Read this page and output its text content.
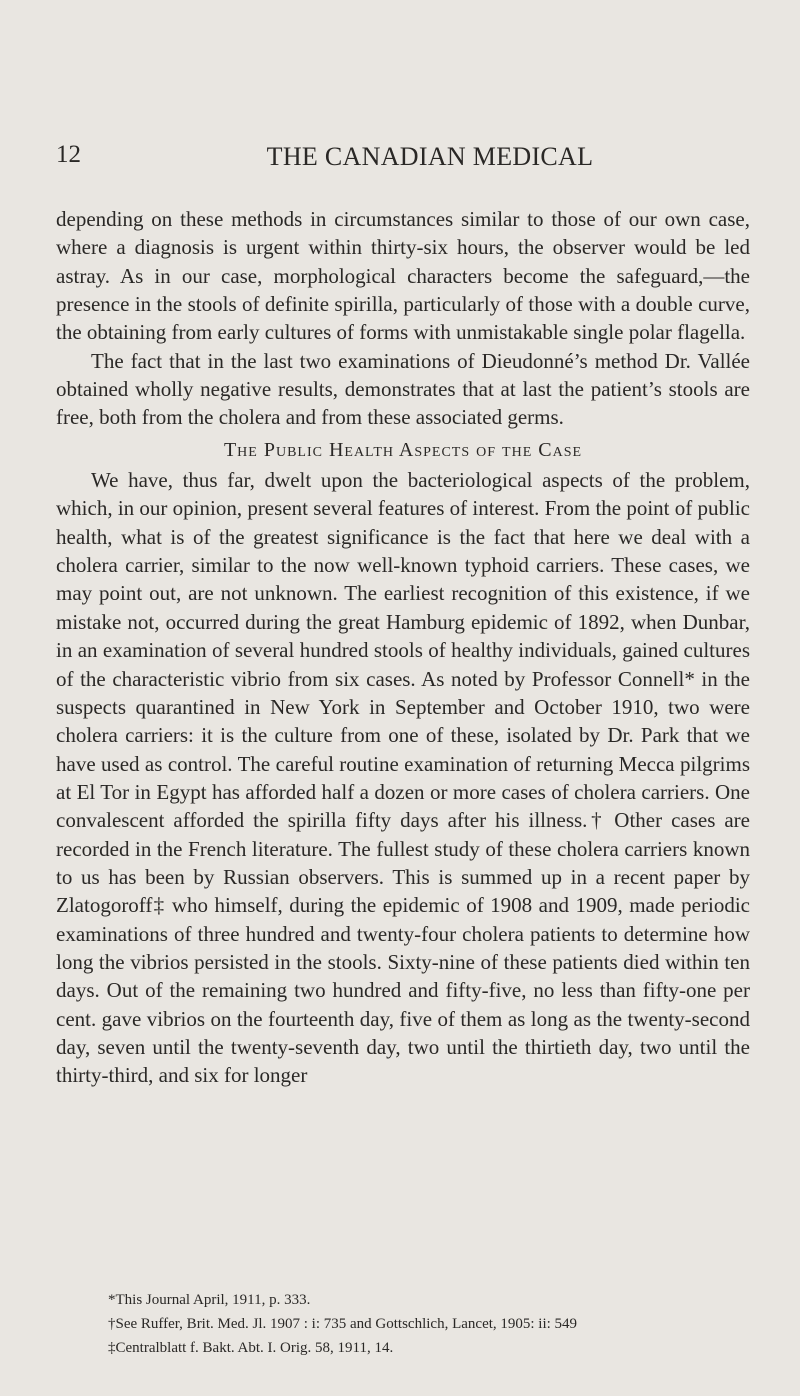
12	THE CANADIAN MEDICAL

depending on these methods in circumstances similar to those of our own case, where a diagnosis is urgent within thirty-six hours, the observer would be led astray. As in our case, morphological characters become the safeguard,—the presence in the stools of definite spirilla, particularly of those with a double curve, the obtaining from early cultures of forms with unmistakable single polar flagella.

The fact that in the last two examinations of Dieudonné’s method Dr. Vallée obtained wholly negative results, demonstrates that at last the patient’s stools are free, both from the cholera and from these associated germs.

The Public Health Aspects of the Case

We have, thus far, dwelt upon the bacteriological aspects of the problem, which, in our opinion, present several features of interest. From the point of public health, what is of the greatest significance is the fact that here we deal with a cholera carrier, similar to the now well-known typhoid carriers. These cases, we may point out, are not unknown. The earliest recognition of this existence, if we mistake not, occurred during the great Hamburg epidemic of 1892, when Dunbar, in an examination of several hundred stools of healthy individuals, gained cultures of the characteristic vibrio from six cases. As noted by Professor Connell* in the suspects quarantined in New York in September and October 1910, two were cholera carriers: it is the culture from one of these, isolated by Dr. Park that we have used as control. The careful routine examination of returning Mecca pilgrims at El Tor in Egypt has afforded half a dozen or more cases of cholera carriers. One convalescent afforded the spirilla fifty days after his illness.† Other cases are recorded in the French literature. The fullest study of these cholera carriers known to us has been by Russian observers. This is summed up in a recent paper by Zlatogoroff‡ who himself, during the epidemic of 1908 and 1909, made periodic examinations of three hundred and twenty-four cholera patients to determine how long the vibrios persisted in the stools. Sixty-nine of these patients died within ten days. Out of the remaining two hundred and fifty-five, no less than fifty-one per cent. gave vibrios on the fourteenth day, five of them as long as the twenty-second day, seven until the twenty-seventh day, two until the thirtieth day, two until the thirty-third, and six for longer

*This Journal April, 1911, p. 333.

†See Ruffer, Brit. Med. Jl. 1907 : i: 735 and Gottschlich, Lancet, 1905: ii: 549

‡Centralblatt f. Bakt. Abt. I. Orig. 58, 1911, 14.
